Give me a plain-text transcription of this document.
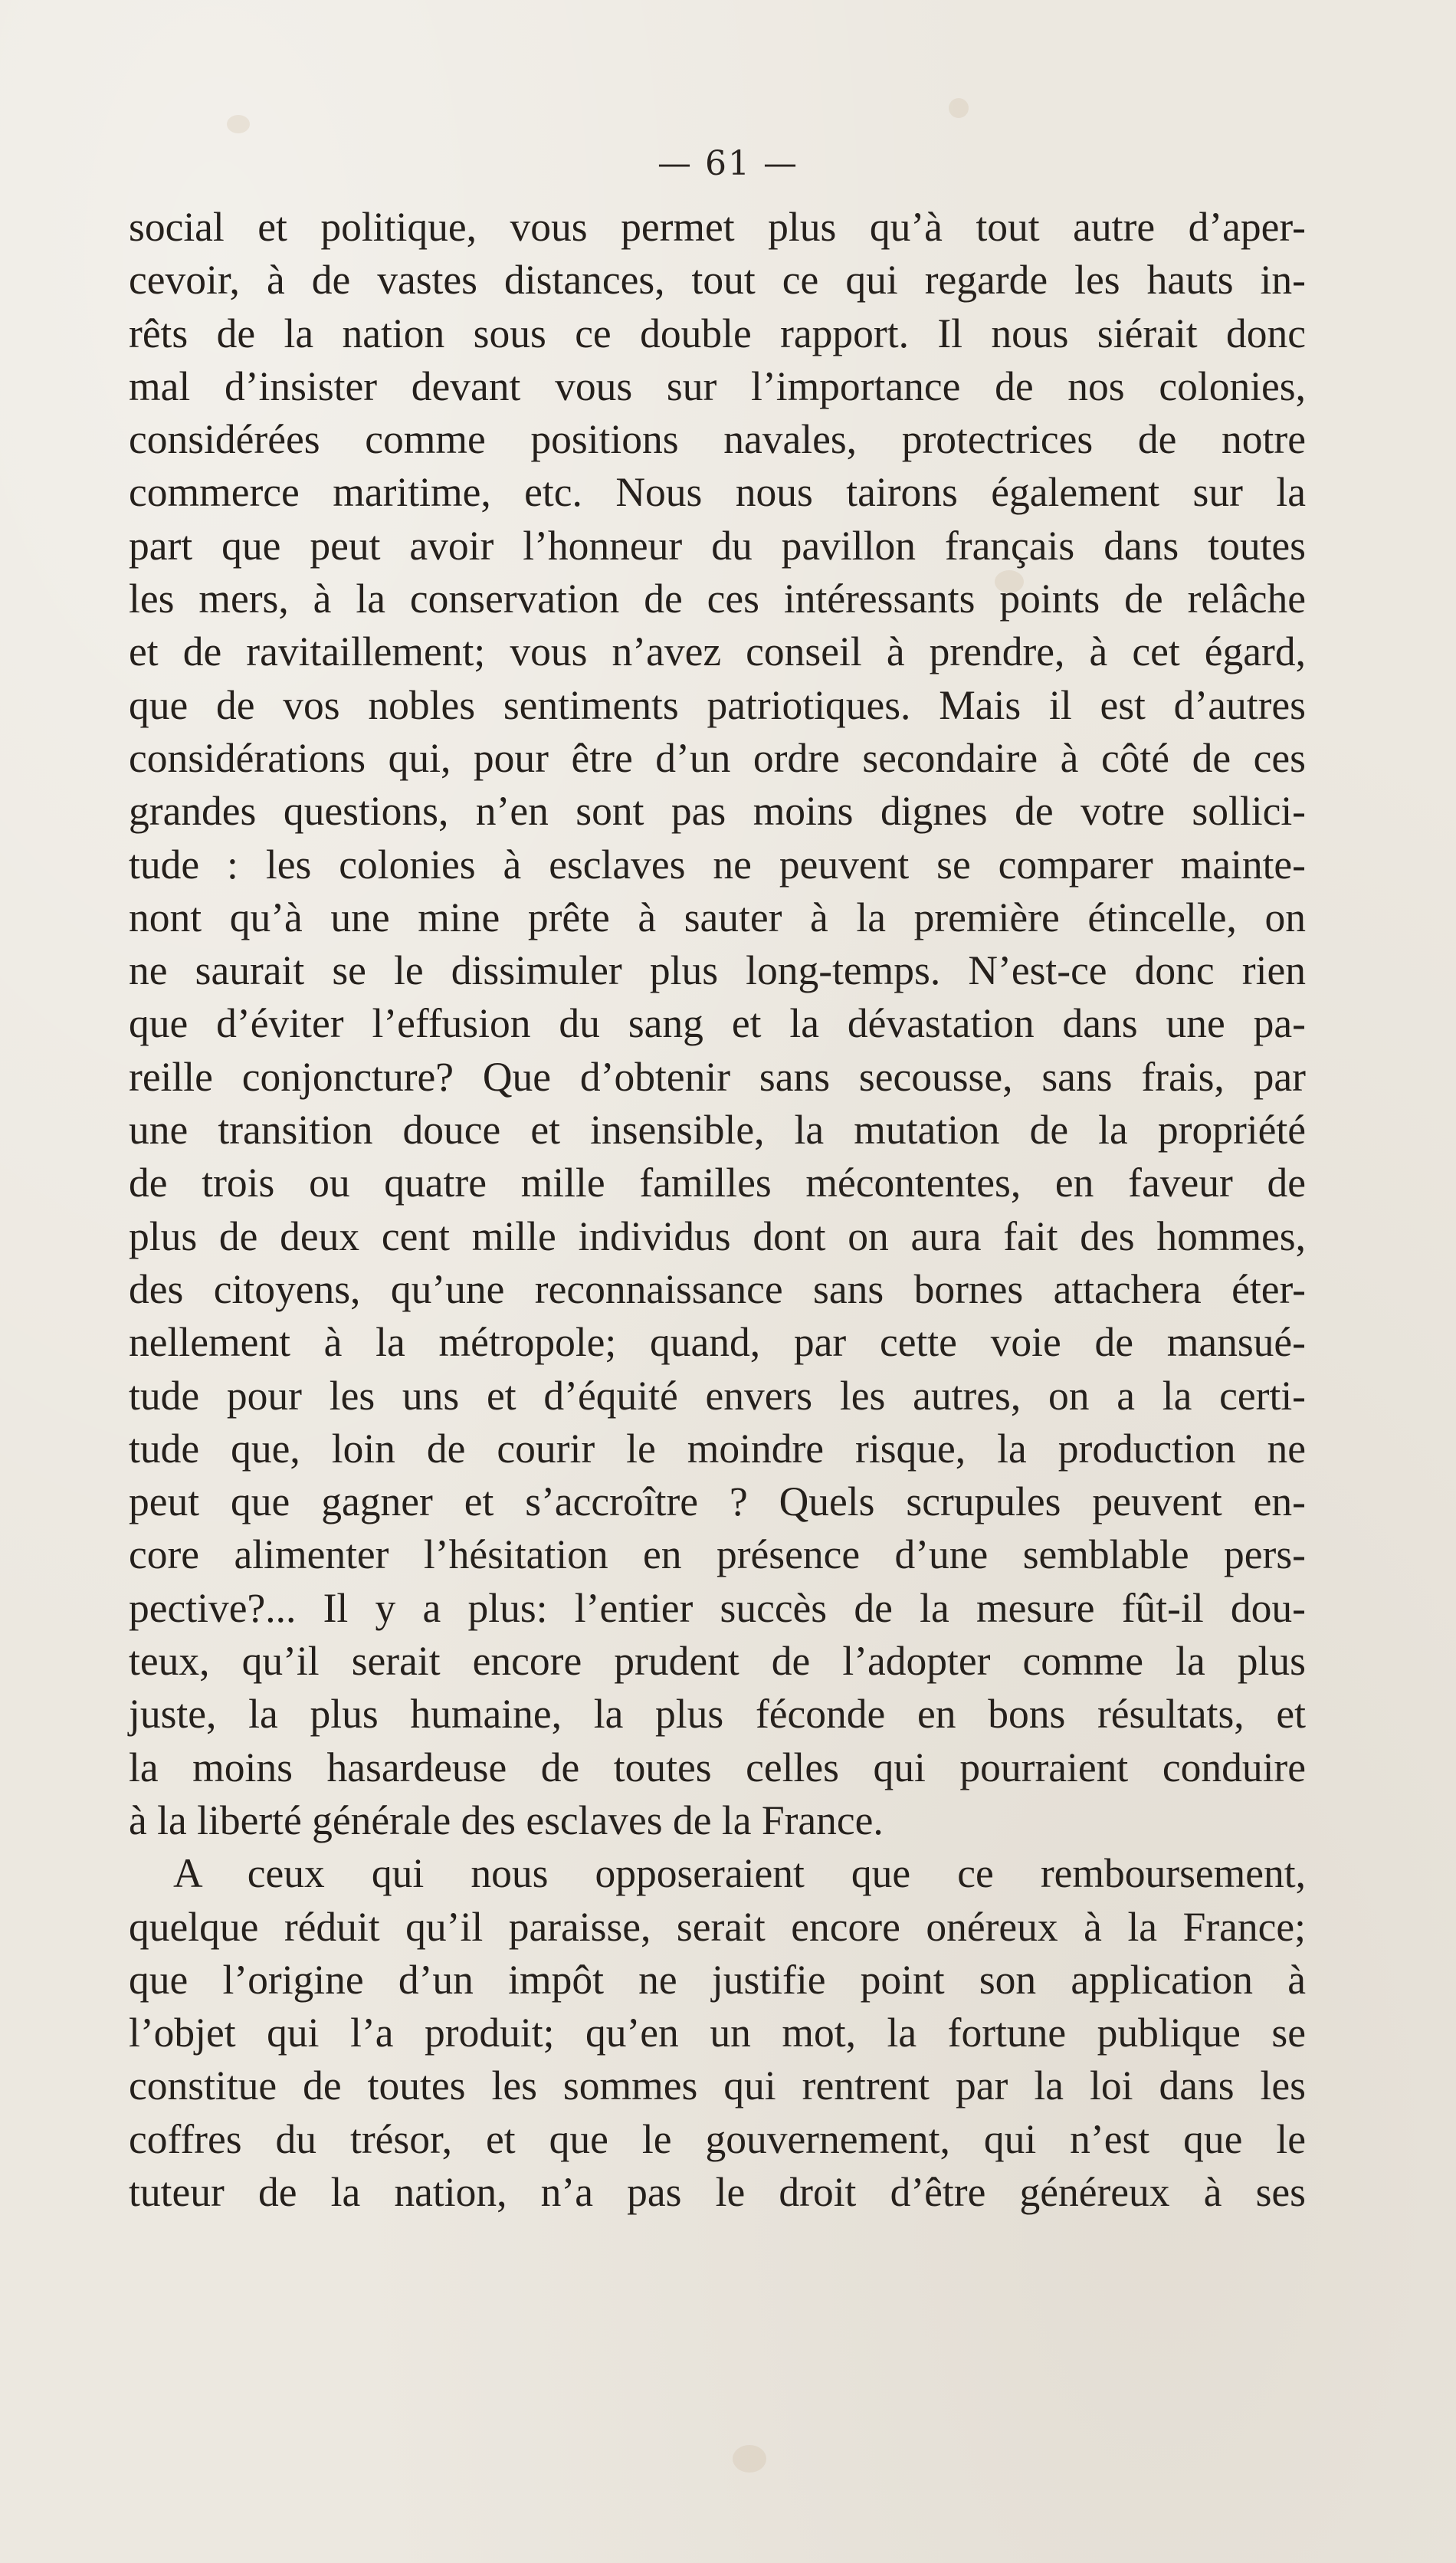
— 61 —
social et politique, vous permet plus qu’à tout autre d’aper-
cevoir, à de vastes distances, tout ce qui regarde les hauts in-
rêts de la nation sous ce double rapport. Il nous siérait donc
mal d’insister devant vous sur l’importance de nos colonies,
considérées comme positions navales, protectrices de notre
commerce maritime, etc. Nous nous tairons également sur la
part que peut avoir l’honneur du pavillon français dans toutes
les mers, à la conservation de ces intéressants points de relâche
et de ravitaillement; vous n’avez conseil à prendre, à cet égard,
que de vos nobles sentiments patriotiques. Mais il est d’autres
considérations qui, pour être d’un ordre secondaire à côté de ces
grandes questions, n’en sont pas moins dignes de votre sollici-
tude : les colonies à esclaves ne peuvent se comparer mainte-
nont qu’à une mine prête à sauter à la première étincelle, on
ne saurait se le dissimuler plus long-temps. N’est-ce donc rien
que d’éviter l’effusion du sang et la dévastation dans une pa-
reille conjoncture? Que d’obtenir sans secousse, sans frais, par
une transition douce et insensible, la mutation de la propriété
de trois ou quatre mille familles mécontentes, en faveur de
plus de deux cent mille individus dont on aura fait des hommes,
des citoyens, qu’une reconnaissance sans bornes attachera éter-
nellement à la métropole; quand, par cette voie de mansué-
tude pour les uns et d’équité envers les autres, on a la certi-
tude que, loin de courir le moindre risque, la production ne
peut que gagner et s’accroître ? Quels scrupules peuvent en-
core alimenter l’hésitation en présence d’une semblable pers-
pective?... Il y a plus: l’entier succès de la mesure fût-il dou-
teux, qu’il serait encore prudent de l’adopter comme la plus
juste, la plus humaine, la plus féconde en bons résultats, et
la moins hasardeuse de toutes celles qui pourraient conduire
à la liberté générale des esclaves de la France.
A ceux qui nous opposeraient que ce remboursement,
quelque réduit qu’il paraisse, serait encore onéreux à la France;
que l’origine d’un impôt ne justifie point son application à
l’objet qui l’a produit; qu’en un mot, la fortune publique se
constitue de toutes les sommes qui rentrent par la loi dans les
coffres du trésor, et que le gouvernement, qui n’est que le
tuteur de la nation, n’a pas le droit d’être généreux à ses
